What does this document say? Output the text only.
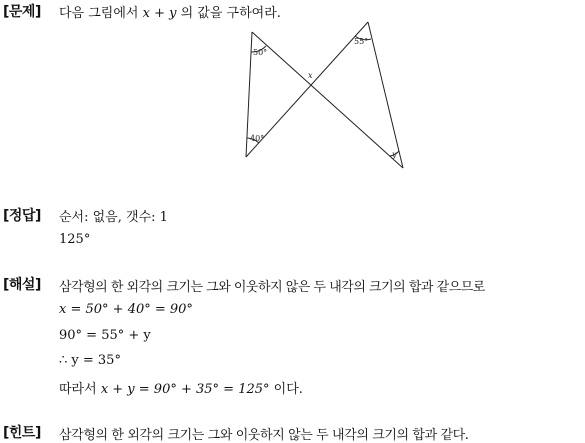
[문제] 다음 그림에서 x + y 의 값을 구하여라.
50°
55°
40°
x
y
[정답] 순서: 없음, 갯수: 1
125°
[해설] 삼각형의 한 외각의 크기는 그와 이웃하지 않은 두 내각의 크기의 합과 같으므로
x = 50° + 40° = 90°
90° = 55° + y
∴ y = 35°
따라서 x + y = 90° + 35° = 125° 이다.
[힌트] 삼각형의 한 외각의 크기는 그와 이웃하지 않는 두 내각의 크기의 합과 같다.
